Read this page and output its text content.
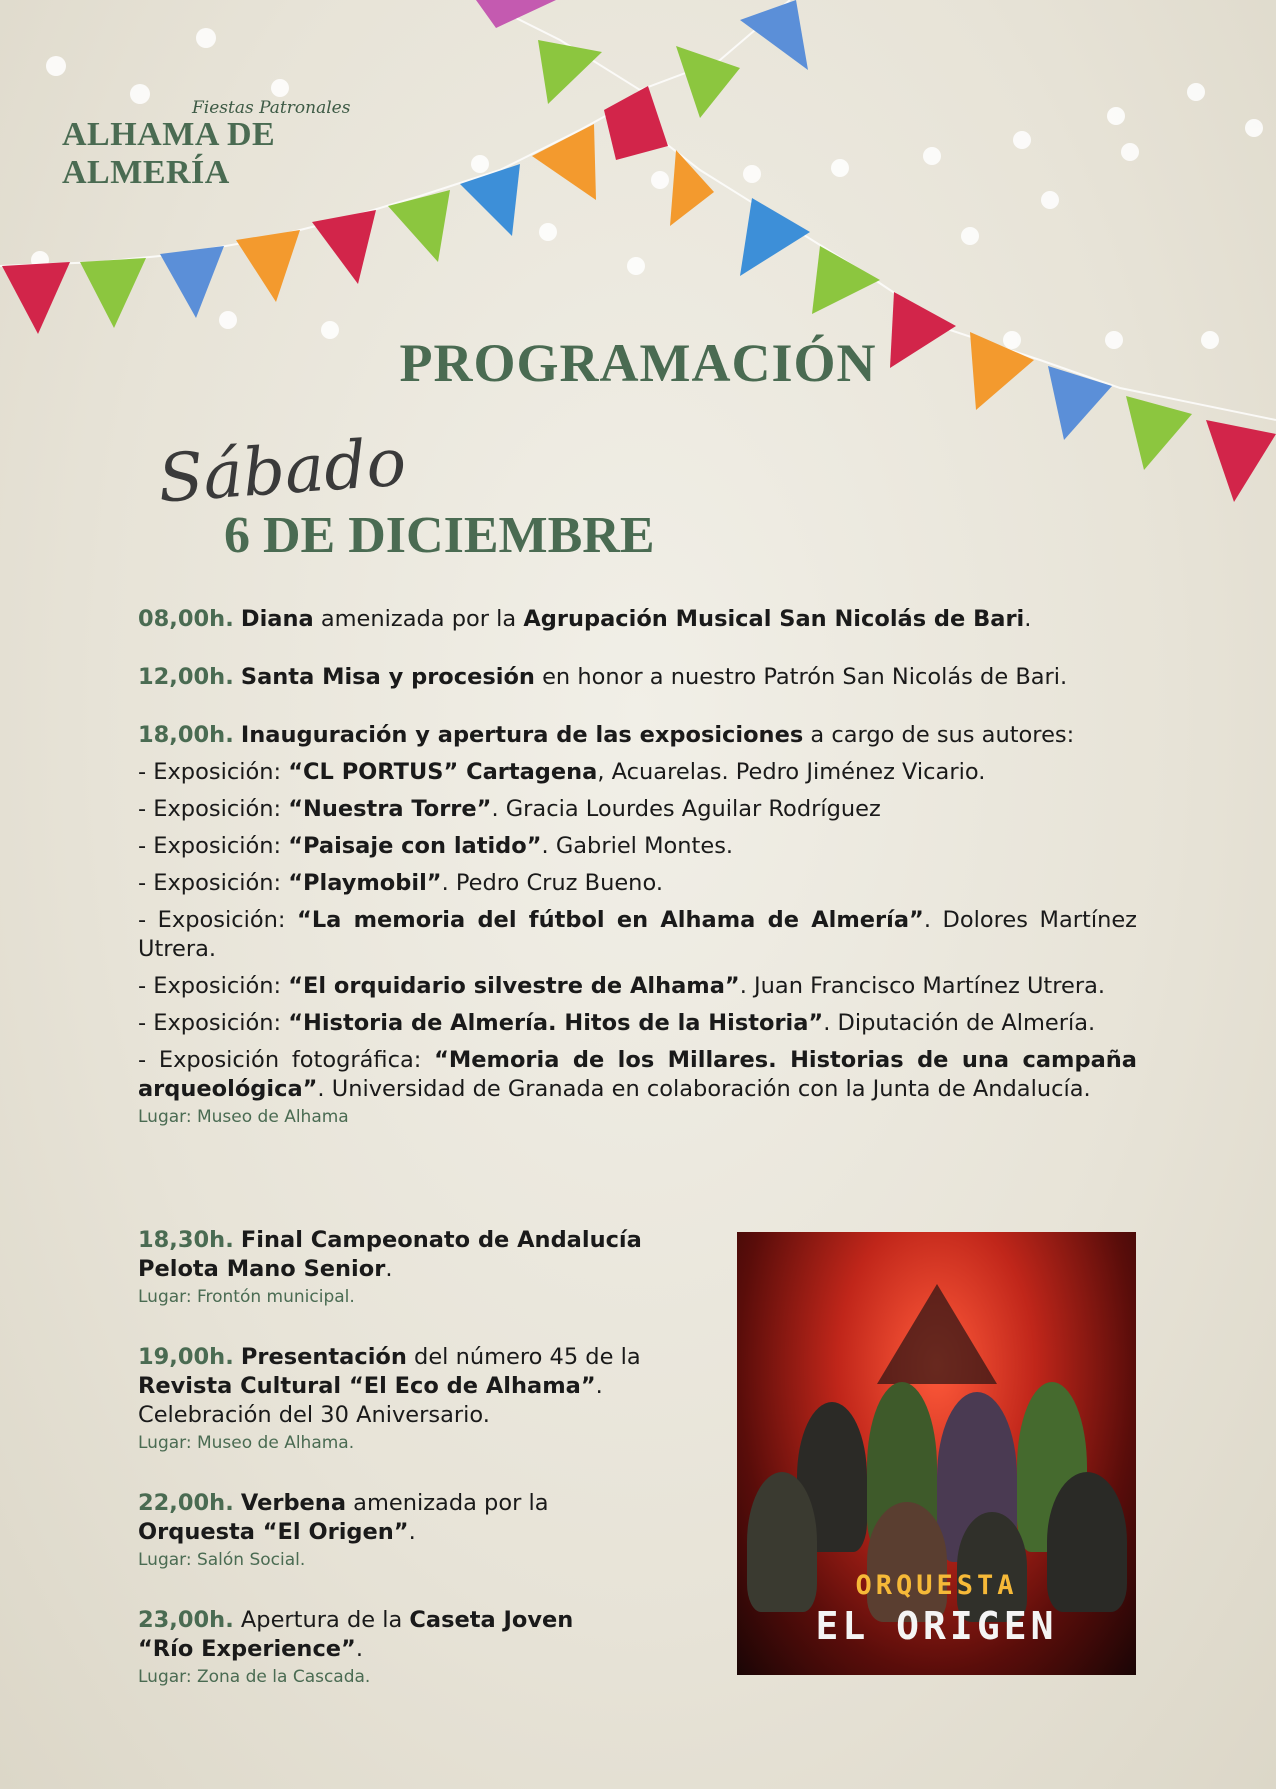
Fiestas Patronales
ALHAMA DE ALMERÍA
PROGRAMACIÓN
Sábado
6 DE DICIEMBRE
08,00h. Diana amenizada por la Agrupación Musical San Nicolás de Bari.
12,00h. Santa Misa y procesión en honor a nuestro Patrón San Nicolás de Bari.
18,00h. Inauguración y apertura de las exposiciones a cargo de sus autores:
- Exposición: “CL PORTUS” Cartagena, Acuarelas. Pedro Jiménez Vicario.
- Exposición: “Nuestra Torre”. Gracia Lourdes Aguilar Rodríguez
- Exposición: “Paisaje con latido”. Gabriel Montes.
- Exposición: “Playmobil”. Pedro Cruz Bueno.
- Exposición: “La memoria del fútbol en Alhama de Almería”. Dolores Martínez Utrera.
- Exposición: “El orquidario silvestre de Alhama”. Juan Francisco Martínez Utrera.
- Exposición: “Historia de Almería. Hitos de la Historia”. Diputación de Almería.
- Exposición fotográfica: “Memoria de los Millares. Historias de una campaña arqueológica”. Universidad de Granada en colaboración con la Junta de Andalucía.
Lugar: Museo de Alhama
18,30h. Final Campeonato de Andalucía Pelota Mano Senior.
Lugar: Frontón municipal.
19,00h. Presentación del número 45 de la Revista Cultural “El Eco de Alhama”.
Celebración del 30 Aniversario.
Lugar: Museo de Alhama.
22,00h. Verbena amenizada por la Orquesta “El Origen”.
Lugar: Salón Social.
23,00h. Apertura de la Caseta Joven
“Río Experience”.
Lugar: Zona de la Cascada.
ORQUESTA
EL ORIGEN
